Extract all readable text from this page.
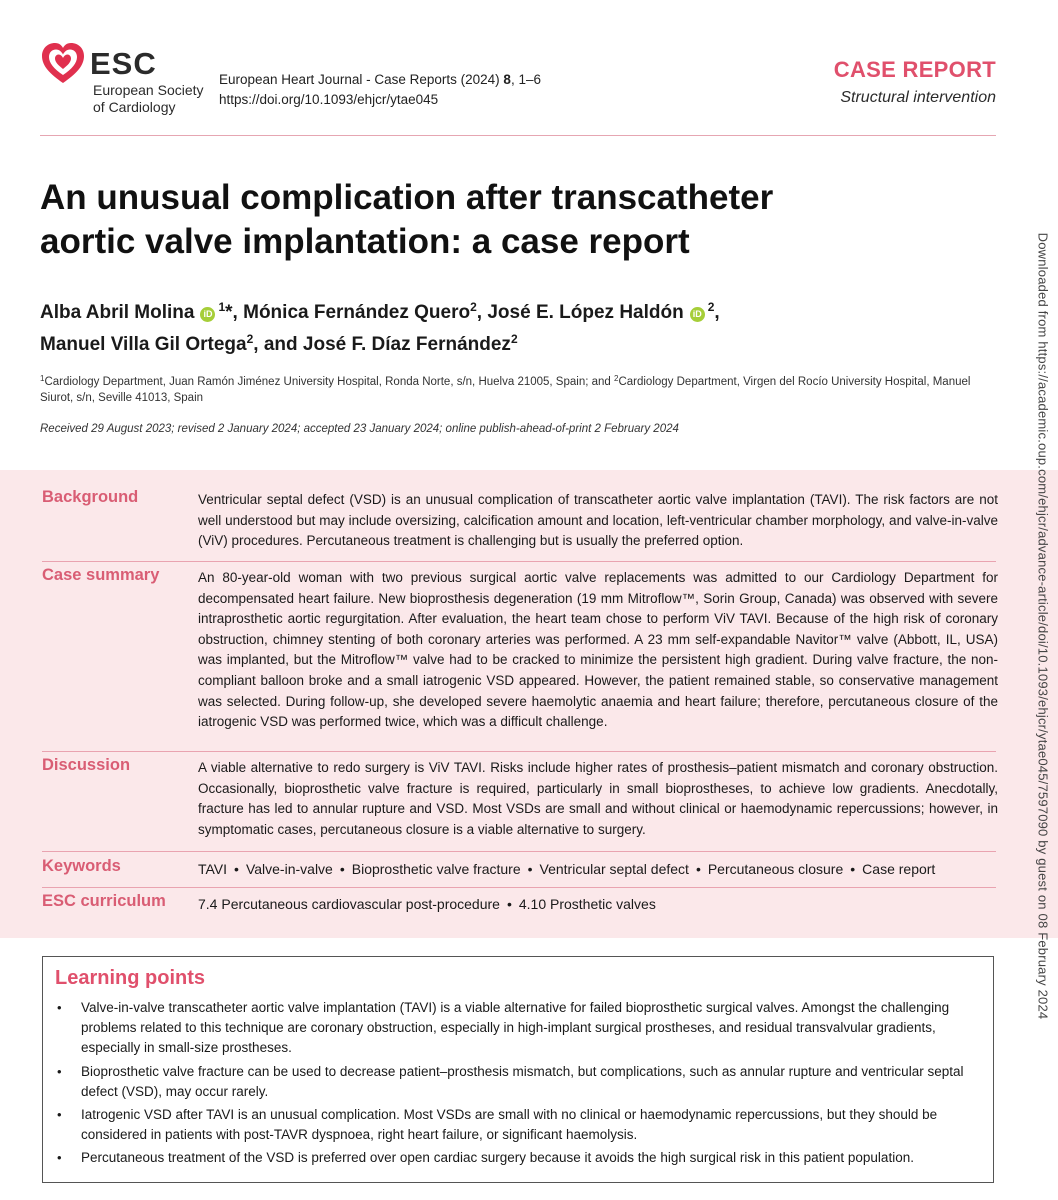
ESC
European Society
of Cardiology
European Heart Journal - Case Reports (2024) 8, 1–6
https://doi.org/10.1093/ehjcr/ytae045
CASE REPORT
Structural intervention
An unusual complication after transcatheter
aortic valve implantation: a case report
Alba Abril Molina iD $^1$*, Mónica Fernández Quero$^2$, José E. López Haldón iD $^2$,
Manuel Villa Gil Ortega$^2$, and José F. Díaz Fernández$^2$
$^1$Cardiology Department, Juan Ramón Jiménez University Hospital, Ronda Norte, s/n, Huelva 21005, Spain; and $^2$Cardiology Department, Virgen del Rocío University Hospital, Manuel Siurot, s/n, Seville 41013, Spain
Received 29 August 2023; revised 2 January 2024; accepted 23 January 2024; online publish-ahead-of-print 2 February 2024
Background	Ventricular septal defect (VSD) is an unusual complication of transcatheter aortic valve implantation (TAVI). The risk factors are not well understood but may include oversizing, calcification amount and location, left-ventricular chamber morphology, and valve-in-valve (ViV) procedures. Percutaneous treatment is challenging but is usually the preferred option.
Case summary	An 80-year-old woman with two previous surgical aortic valve replacements was admitted to our Cardiology Department for decompensated heart failure. New bioprosthesis degeneration (19 mm Mitroflow™, Sorin Group, Canada) was observed with severe intraprosthetic aortic regurgitation. After evaluation, the heart team chose to perform ViV TAVI. Because of the high risk of coronary obstruction, chimney stenting of both coronary arteries was performed. A 23 mm self-expandable Navitor™ valve (Abbott, IL, USA) was implanted, but the Mitroflow™ valve had to be cracked to minimize the persistent high gradient. During valve fracture, the non-compliant balloon broke and a small iatrogenic VSD appeared. However, the patient remained stable, so conservative management was selected. During follow-up, she developed severe haemolytic anaemia and heart failure; therefore, percutaneous closure of the iatrogenic VSD was performed twice, which was a difficult challenge.
Discussion	A viable alternative to redo surgery is ViV TAVI. Risks include higher rates of prosthesis–patient mismatch and coronary obstruction. Occasionally, bioprosthetic valve fracture is required, particularly in small bioprostheses, to achieve low gradients. Anecdotally, fracture has led to annular rupture and VSD. Most VSDs are small and without clinical or haemodynamic repercussions; however, in symptomatic cases, percutaneous closure is a viable alternative to surgery.
Keywords	TAVI • Valve-in-valve • Bioprosthetic valve fracture • Ventricular septal defect • Percutaneous closure • Case report
ESC curriculum 7.4 Percutaneous cardiovascular post-procedure • 4.10 Prosthetic valves
Learning points
• Valve-in-valve transcatheter aortic valve implantation (TAVI) is a viable alternative for failed bioprosthetic surgical valves. Amongst the challenging problems related to this technique are coronary obstruction, especially in high-implant surgical prostheses, and residual transvalvular gradients, especially in small-size prostheses.
• Bioprosthetic valve fracture can be used to decrease patient–prosthesis mismatch, but complications, such as annular rupture and ventricular septal defect (VSD), may occur rarely.
• Iatrogenic VSD after TAVI is an unusual complication. Most VSDs are small with no clinical or haemodynamic repercussions, but they should be considered in patients with post-TAVR dyspnoea, right heart failure, or significant haemolysis.
• Percutaneous treatment of the VSD is preferred over open cardiac surgery because it avoids the high surgical risk in this patient population.
Downloaded from https://academic.oup.com/ehjcr/advance-article/doi/10.1093/ehjcr/ytae045/7597090 by guest on 08 February 2024
